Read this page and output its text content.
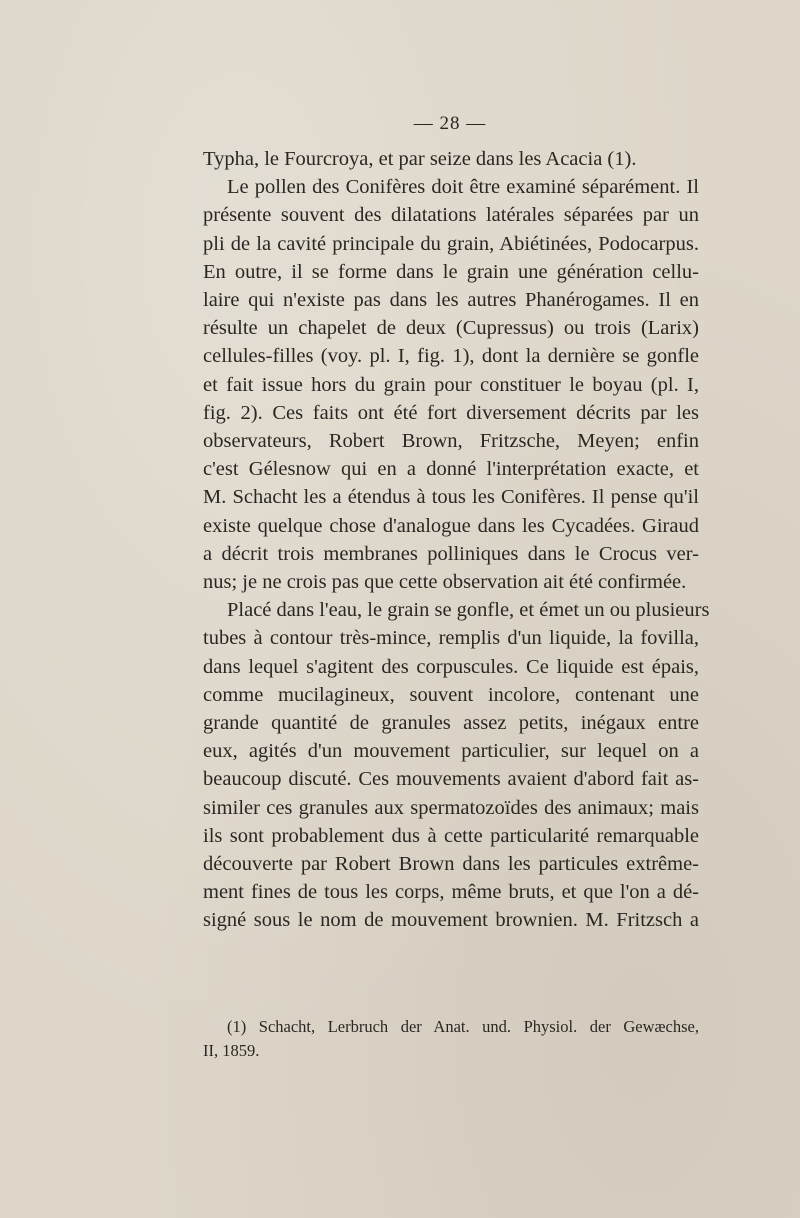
— 28 —
Typha, le Fourcroya, et par seize dans les Acacia (1).
Le pollen des Conifères doit être examiné séparément. Il
présente souvent des dilatations latérales séparées par un
pli de la cavité principale du grain, Abiétinées, Podocarpus.
En outre, il se forme dans le grain une génération cellu-
laire qui n'existe pas dans les autres Phanérogames. Il en
résulte un chapelet de deux (Cupressus) ou trois (Larix)
cellules-filles (voy. pl. I, fig. 1), dont la dernière se gonfle
et fait issue hors du grain pour constituer le boyau (pl. I,
fig. 2). Ces faits ont été fort diversement décrits par les
observateurs, Robert Brown, Fritzsche, Meyen; enfin
c'est Gélesnow qui en a donné l'interprétation exacte, et
M. Schacht les a étendus à tous les Conifères. Il pense qu'il
existe quelque chose d'analogue dans les Cycadées. Giraud
a décrit trois membranes polliniques dans le Crocus ver-
nus; je ne crois pas que cette observation ait été confirmée.
Placé dans l'eau, le grain se gonfle, et émet un ou plusieurs
tubes à contour très-mince, remplis d'un liquide, la fovilla,
dans lequel s'agitent des corpuscules. Ce liquide est épais,
comme mucilagineux, souvent incolore, contenant une
grande quantité de granules assez petits, inégaux entre
eux, agités d'un mouvement particulier, sur lequel on a
beaucoup discuté. Ces mouvements avaient d'abord fait as-
similer ces granules aux spermatozoïdes des animaux; mais
ils sont probablement dus à cette particularité remarquable
découverte par Robert Brown dans les particules extrême-
ment fines de tous les corps, même bruts, et que l'on a dé-
signé sous le nom de mouvement brownien. M. Fritzsch a
(1) Schacht, Lerbruch der Anat. und. Physiol. der Gewæchse,
II, 1859.
